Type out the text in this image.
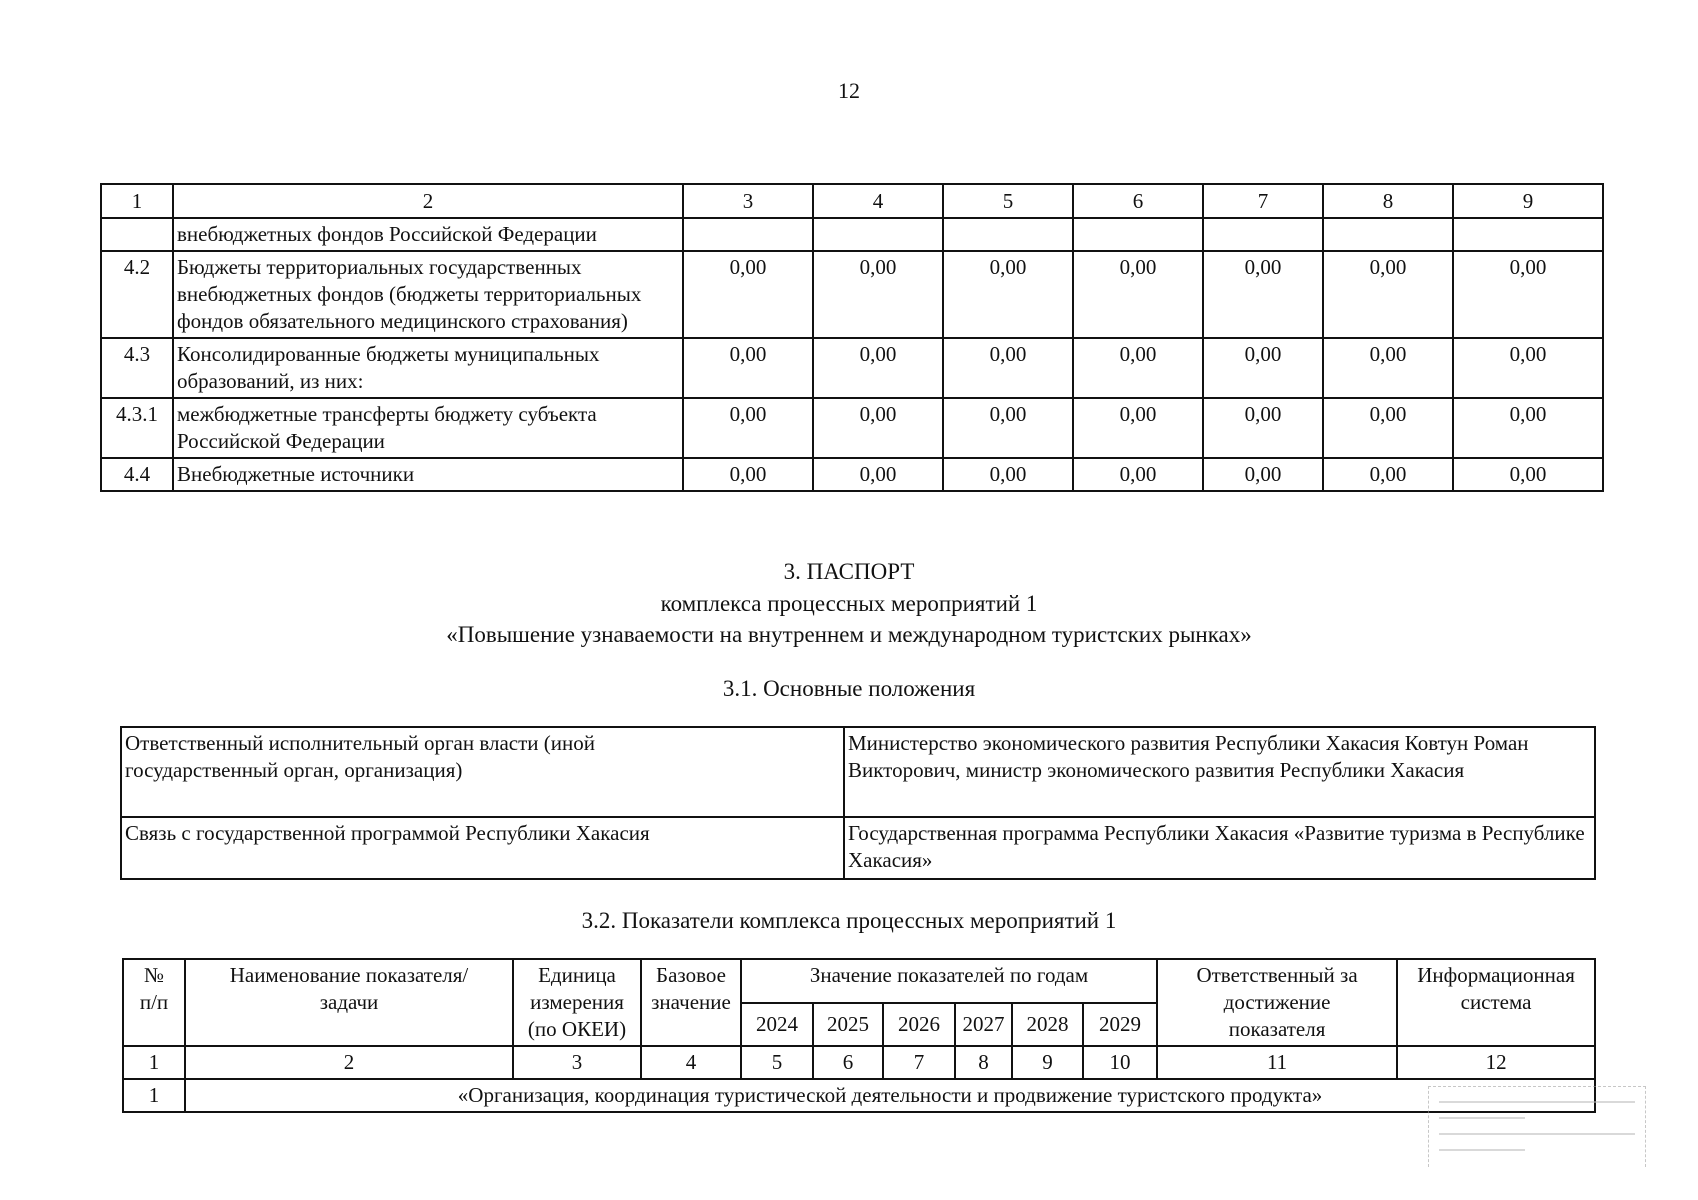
12
1	2	3	4	5	6	7	8	9
	внебюджетных фондов Российской Федерации							
4.2	Бюджеты территориальных государственных внебюджетных фондов (бюджеты территориальных фондов обязательного медицинского страхования)	0,00	0,00	0,00	0,00	0,00	0,00	0,00
4.3	Консолидированные бюджеты муниципальных образований, из них:	0,00	0,00	0,00	0,00	0,00	0,00	0,00
4.3.1	межбюджетные трансферты бюджету субъекта Российской Федерации	0,00	0,00	0,00	0,00	0,00	0,00	0,00
4.4	Внебюджетные источники	0,00	0,00	0,00	0,00	0,00	0,00	0,00
3. ПАСПОРТ
комплекса процессных мероприятий 1
«Повышение узнаваемости на внутреннем и международном туристских рынках»
3.1. Основные положения
Ответственный исполнительный орган власти (иной государственный орган, организация)	Министерство экономического развития Республики Хакасия Ковтун Роман Викторович, министр экономического развития Республики Хакасия
Связь с государственной программой Республики Хакасия	Государственная программа Республики Хакасия «Развитие туризма в Республике Хакасия»
3.2. Показатели комплекса процессных мероприятий 1
№ п/п	Наименование показателя/ задачи	Единица измерения (по ОКЕИ)	Базовое значение	Значение показателей по годам						Ответственный за достижение показателя	Информационная система
				2024	2025	2026	2027	2028	2029		
1	2	3	4	5	6	7	8	9	10	11	12
1	«Организация, координация туристической деятельности и продвижение туристского продукта»										
